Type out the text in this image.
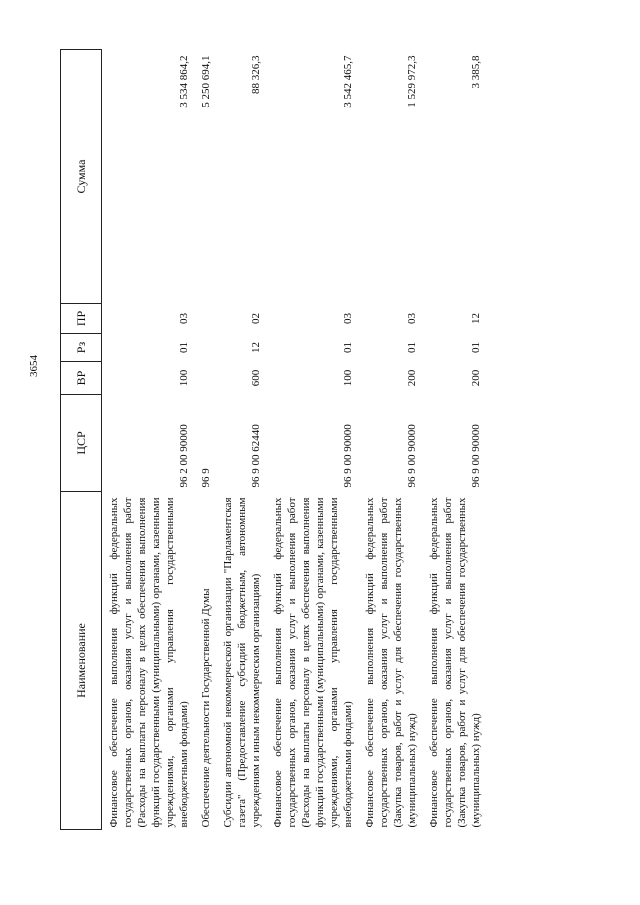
3654
Наименование	ЦСР	ВР	Рз	ПР	Сумма
Финансовое обеспечение выполнения функций федеральных государственных органов, оказания услуг и выполнения работ (Расходы на выплаты персоналу в целях обеспечения выполнения функций государственными (муниципальными) органами, казенными учреждениями, органами управления государственными внебюджетными фондами)	96 2 00 90000	100	01	03	3 534 864,2
Обеспечение деятельности Государственной Думы	96 9				5 250 694,1
Субсидии автономной некоммерческой организации "Парламентская газета" (Предоставление субсидий бюджетным, автономным учреждениям и иным некоммерческим организациям)	96 9 00 62440	600	12	02	88 326,3
Финансовое обеспечение выполнения функций федеральных государственных органов, оказания услуг и выполнения работ (Расходы на выплаты персоналу в целях обеспечения выполнения функций государственными (муниципальными) органами, казенными учреждениями, органами управления государственными внебюджетными фондами)	96 9 00 90000	100	01	03	3 542 465,7
Финансовое обеспечение выполнения функций федеральных государственных органов, оказания услуг и выполнения работ (Закупка товаров, работ и услуг для обеспечения государственных (муниципальных) нужд)	96 9 00 90000	200	01	03	1 529 972,3
Финансовое обеспечение выполнения функций федеральных государственных органов, оказания услуг и выполнения работ (Закупка товаров, работ и услуг для обеспечения государственных (муниципальных) нужд)	96 9 00 90000	200	01	12	3 385,8
